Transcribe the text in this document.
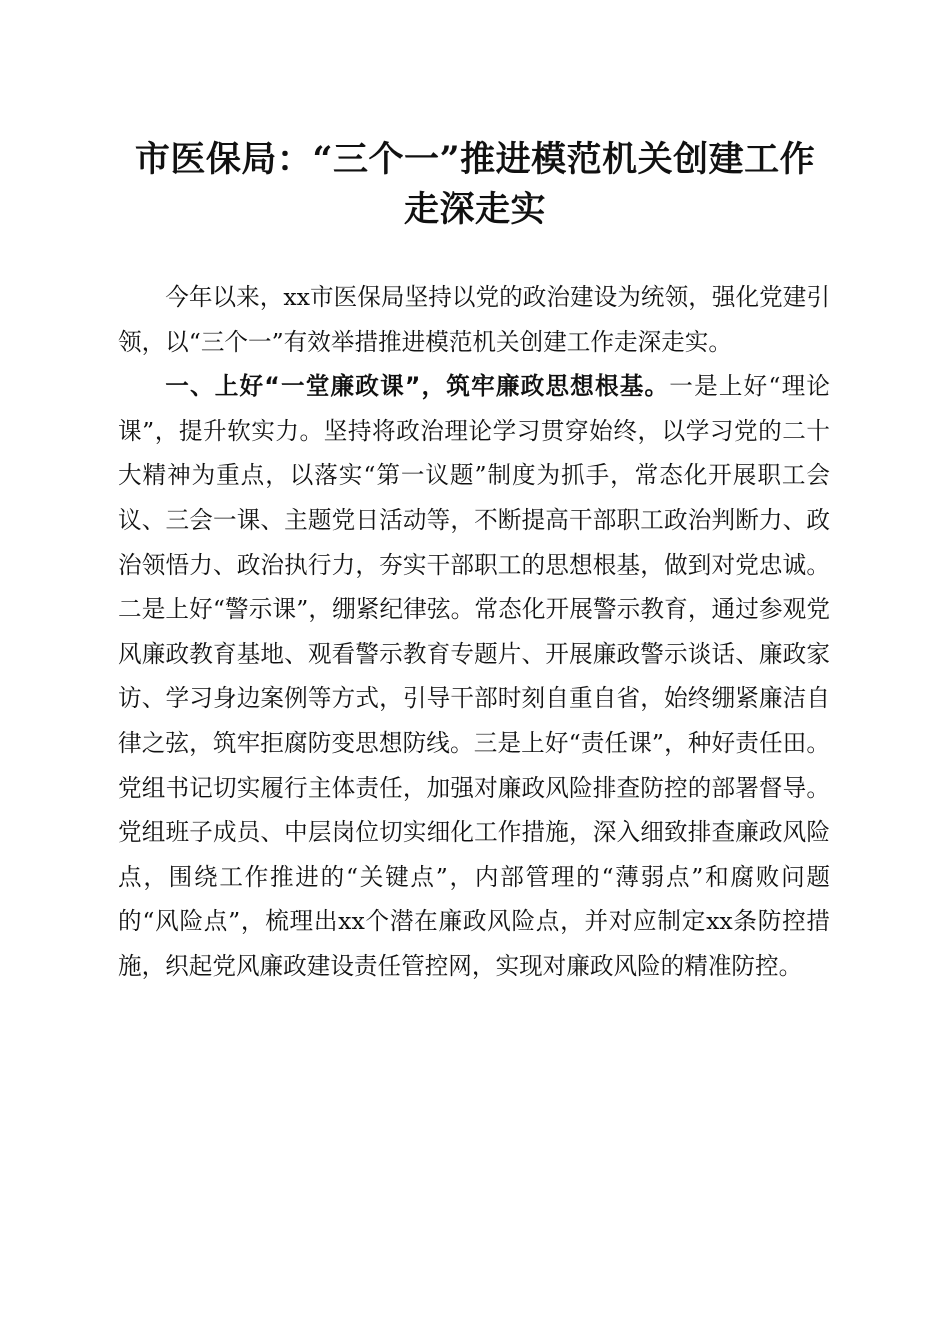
市医保局：“三个一”推进模范机关创建工作
走深走实

今年以来，xx市医保局坚持以党的政治建设为统领，强化党建引领，以“三个一”有效举措推进模范机关创建工作走深走实。

一、上好“一堂廉政课”，筑牢廉政思想根基。一是上好“理论课”，提升软实力。坚持将政治理论学习贯穿始终，以学习党的二十大精神为重点，以落实“第一议题”制度为抓手，常态化开展职工会议、三会一课、主题党日活动等，不断提高干部职工政治判断力、政治领悟力、政治执行力，夯实干部职工的思想根基，做到对党忠诚。二是上好“警示课”，绷紧纪律弦。常态化开展警示教育，通过参观党风廉政教育基地、观看警示教育专题片、开展廉政警示谈话、廉政家访、学习身边案例等方式，引导干部时刻自重自省，始终绷紧廉洁自律之弦，筑牢拒腐防变思想防线。三是上好“责任课”，种好责任田。党组书记切实履行主体责任，加强对廉政风险排查防控的部署督导。党组班子成员、中层岗位切实细化工作措施，深入细致排查廉政风险点，围绕工作推进的“关键点”，内部管理的“薄弱点”和腐败问题的“风险点”，梳理出xx个潜在廉政风险点，并对应制定xx条防控措施，织起党风廉政建设责任管控网，实现对廉政风险的精准防控。
